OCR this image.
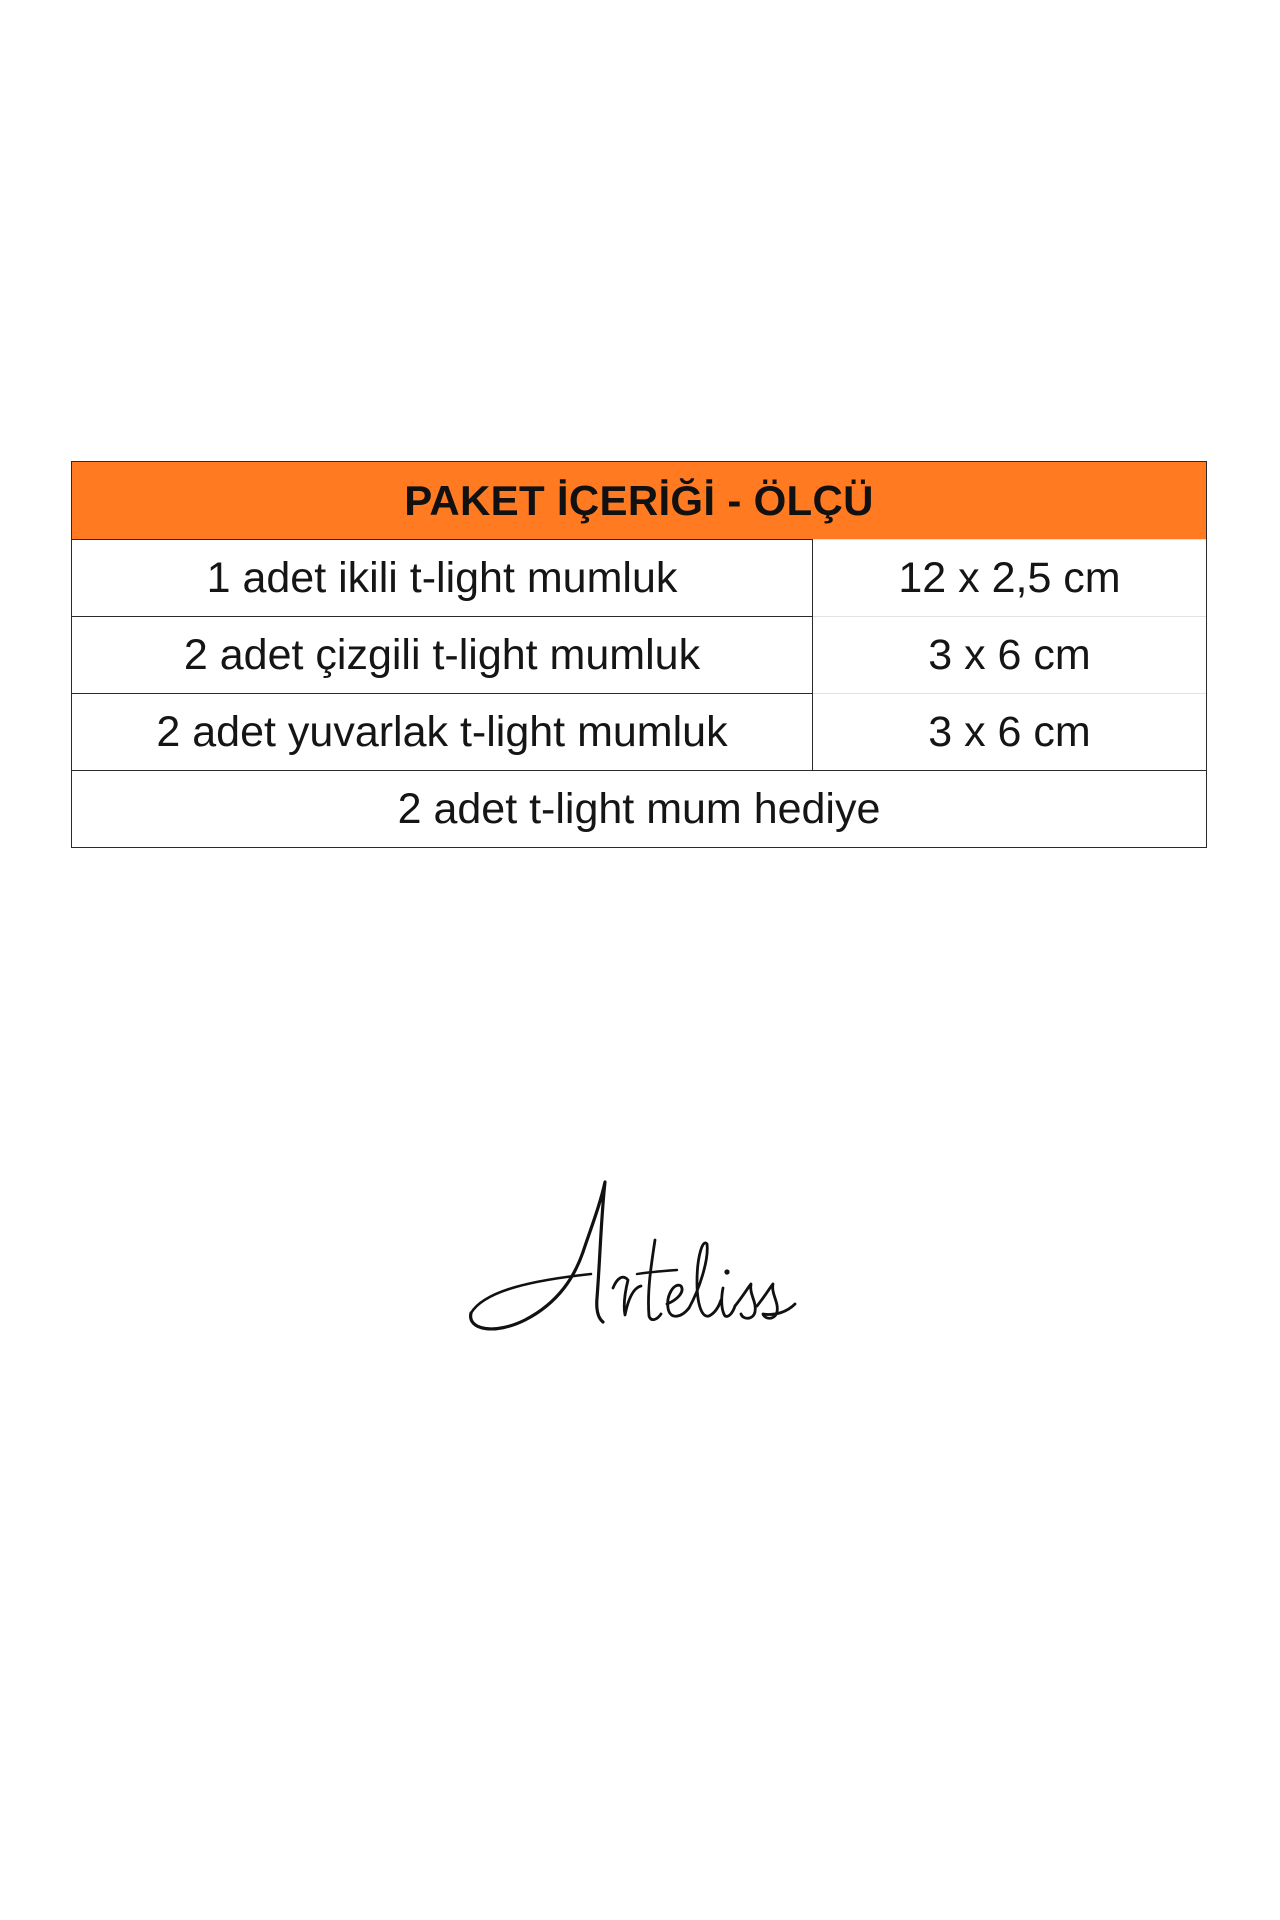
PAKET İÇERİĞİ - ÖLÇÜ
1 adet ikili t-light mumluk	12 x 2,5 cm
2 adet çizgili t-light mumluk	3 x 6 cm
2 adet yuvarlak t-light mumluk	3 x 6 cm
2 adet t-light mum hediye
